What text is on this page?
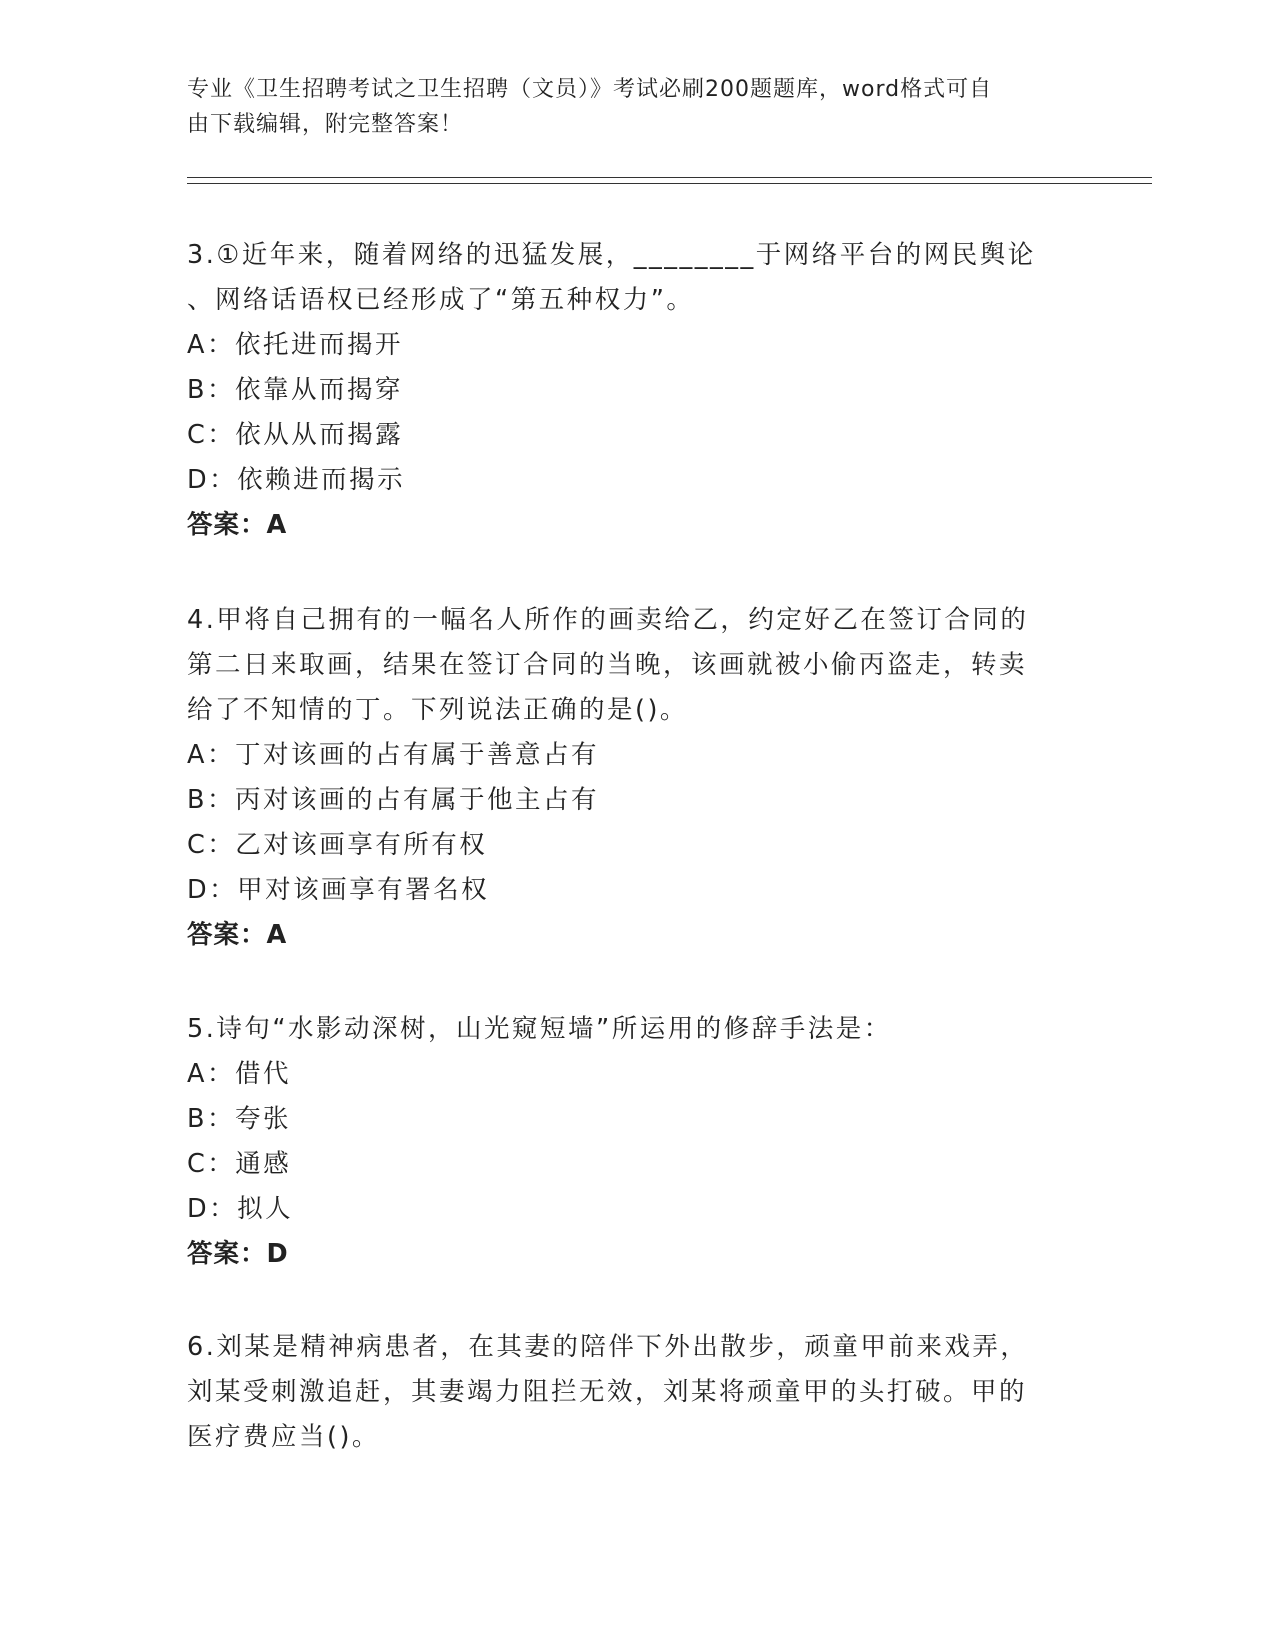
专业《卫生招聘考试之卫生招聘（文员）》考试必刷200题题库，word格式可自
由下载编辑，附完整答案！

3.①近年来，随着网络的迅猛发展，________于网络平台的网民舆论

、网络话语权已经形成了“第五种权力”。

A：依托进而揭开

B：依靠从而揭穿

C：依从从而揭露

D：依赖进而揭示

答案：A

4.甲将自己拥有的一幅名人所作的画卖给乙，约定好乙在签订合同的

第二日来取画，结果在签订合同的当晚，该画就被小偷丙盗走，转卖

给了不知情的丁。下列说法正确的是()。

A：丁对该画的占有属于善意占有

B：丙对该画的占有属于他主占有

C：乙对该画享有所有权

D：甲对该画享有署名权

答案：A

5.诗句“水影动深树，山光窥短墙”所运用的修辞手法是：

A：借代

B：夸张

C：通感

D：拟人

答案：D

6.刘某是精神病患者，在其妻的陪伴下外出散步，顽童甲前来戏弄，

刘某受刺激追赶，其妻竭力阻拦无效，刘某将顽童甲的头打破。甲的

医疗费应当()。
